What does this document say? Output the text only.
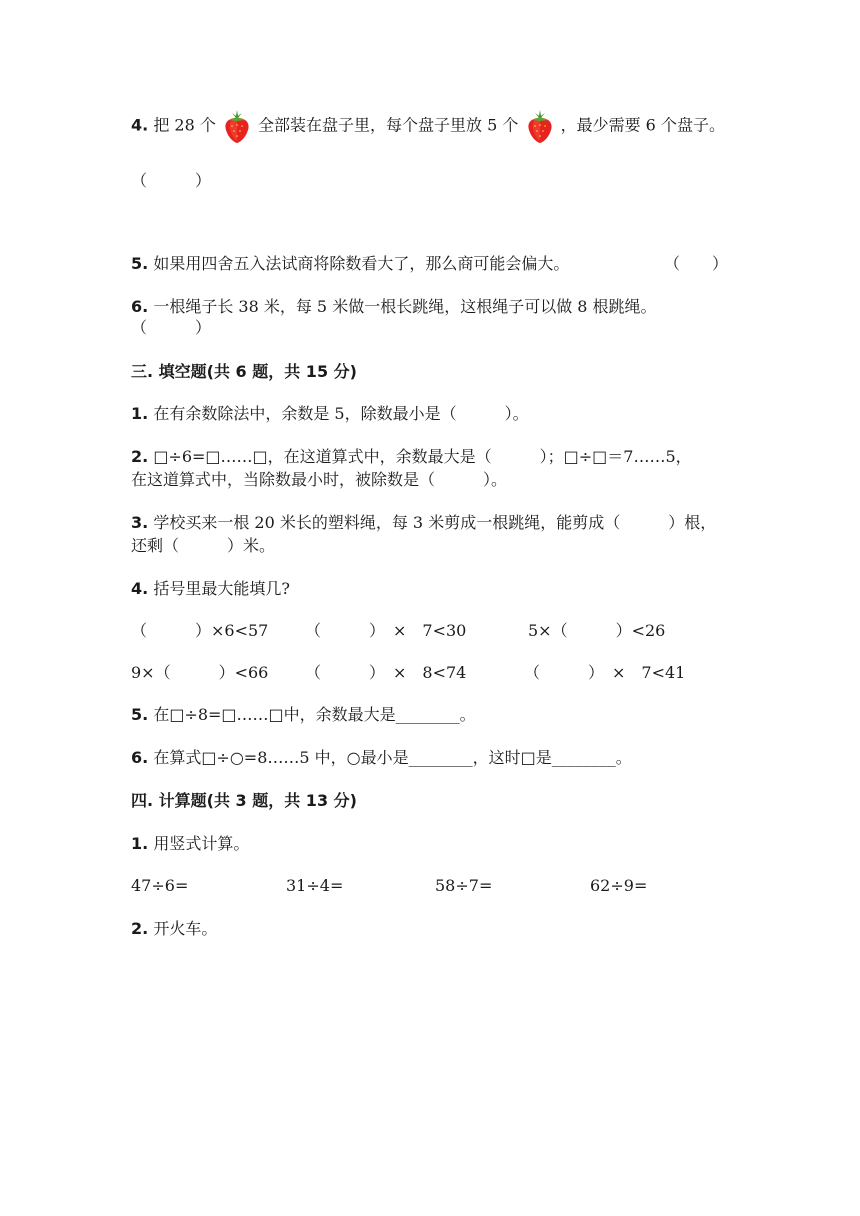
4. 把 28 个	全部装在盘子里，每个盘子里放 5 个	，最少需要 6 个盘子。
（　　　）
5. 如果用四舍五入法试商将除数看大了，那么商可能会偏大。	（　　）
6. 一根绳子长 38 米，每 5 米做一根长跳绳，这根绳子可以做 8 根跳绳。
（　　　）
三. 填空题(共 6 题，共 15 分)
1. 在有余数除法中，余数是 5，除数最小是（　　　）。
2. □÷6=□……□，在这道算式中，余数最大是（　　　）；□÷□＝7……5，
在这道算式中，当除数最小时，被除数是（　　　）。
3. 学校买来一根 20 米长的塑料绳，每 3 米剪成一根跳绳，能剪成（　　　）根，
还剩（　　　）米。
4. 括号里最大能填几?
（　　　）×6<57 （　　　）　×　7<30	5×（　　　）<26
9×（　　　）<66 （　　　）　×　8<74	（　　　）　×　7<41
5. 在□÷8=□……□中，余数最大是________。
6. 在算式□÷○=8……5 中，○最小是________，这时□是________。
四. 计算题(共 3 题，共 13 分)
1. 用竖式计算。
47÷6=	31÷4=	58÷7=	62÷9=
2. 开火车。
